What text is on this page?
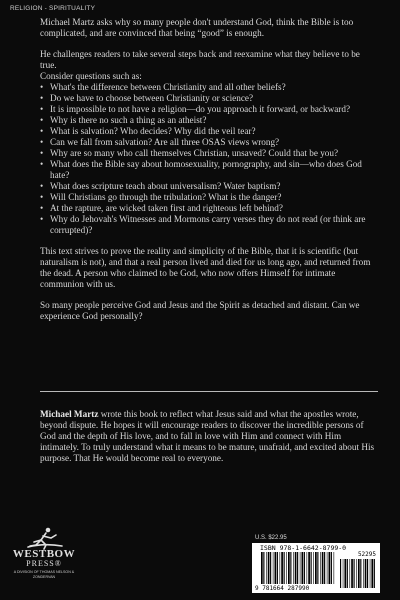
RELIGION - SPIRITUALITY

Michael Martz asks why so many people don't understand God, think the Bible is too complicated, and are convinced that being “good” is enough.

He challenges readers to take several steps back and reexamine what they believe to be true.

Consider questions such as:

• What's the difference between Christianity and all other beliefs?
• Do we have to choose between Christianity or science?
• It is impossible to not have a religion—do you approach it forward, or backward?
• Why is there no such a thing as an atheist?
• What is salvation? Who decides? Why did the veil tear?
• Can we fall from salvation? Are all three OSAS views wrong?
• Why are so many who call themselves Christian, unsaved? Could that be you?
• What does the Bible say about homosexuality, pornography, and sin—who does God hate?
• What does scripture teach about universalism? Water baptism?
• Will Christians go through the tribulation? What is the danger?
• At the rapture, are wicked taken first and righteous left behind?
• Why do Jehovah's Witnesses and Mormons carry verses they do not read (or think are corrupted)?

This text strives to prove the reality and simplicity of the Bible, that it is scientific (but naturalism is not), and that a real person lived and died for us long ago, and returned from the dead. A person who claimed to be God, who now offers Himself for intimate communion with us.

So many people perceive God and Jesus and the Spirit as detached and distant. Can we experience God personally?

Michael Martz wrote this book to reflect what Jesus said and what the apostles wrote, beyond dispute. He hopes it will encourage readers to discover the incredible persons of God and the depth of His love, and to fall in love with Him and connect with Him intimately. To truly understand what it means to be mature, unafraid, and excited about His purpose. That He would become real to everyone.

WESTBOW
PRESS®
A DIVISION OF THOMAS NELSON & ZONDERVAN
U.S. $22.95
ISBN 978-1-6642-8799-0
52295
9 781664 287990
